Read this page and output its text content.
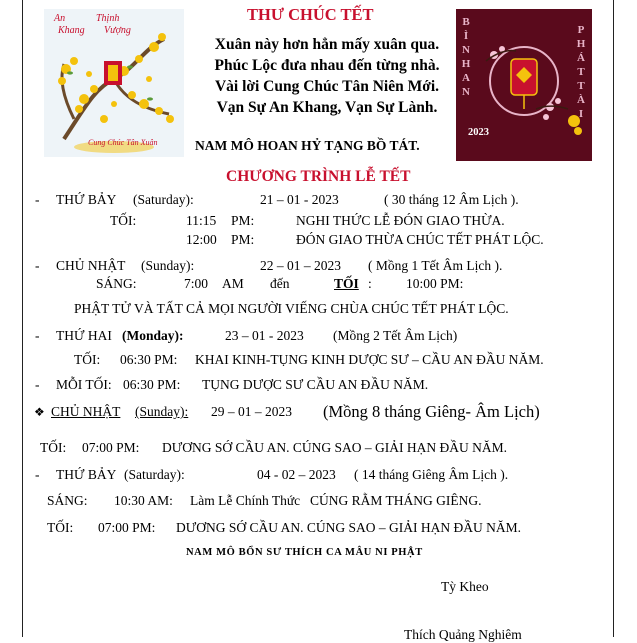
An	Thịnh
Khang Vượng
Cung Chúc Tân Xuân
THƯ CHÚC TẾT
Xuân này hơn hẳn mấy xuân qua.
Phúc Lộc đưa nhau đến từng nhà.
Vài lời Cung Chúc Tân Niên Mới.
Vạn Sự An Khang, Vạn Sự Lành.
NAM MÔ HOAN HỶ TẠNG BỒ TÁT.
BÌNH AN
PHÁT TÀI
2023
CHƯƠNG TRÌNH LỄ TẾT
- THỨ BẢY (Saturday):	21 – 01 - 2023	( 30 tháng 12 Âm Lịch ).
TỐI:	11:15 PM:	NGHI THỨC LỄ ĐÓN GIAO THỪA.
12:00 PM:	ĐÓN GIAO THỪA CHÚC TẾT PHÁT LỘC.
- CHỦ NHẬT (Sunday):	22 – 01 – 2023 ( Mồng 1 Tết Âm Lịch ).
SÁNG:	7:00 AM đến	TỐI :	10:00 PM:
PHẬT TỬ VÀ TẤT CẢ MỌI NGƯỜI VIẾNG CHÙA CHÚC TẾT PHÁT LỘC.
- THỨ HAI (Monday):	23 – 01 - 2023 (Mồng 2 Tết Âm Lịch)
TỐI: 06:30 PM: KHAI KINH-TỤNG KINH DƯỢC SƯ – CẦU AN ĐẦU NĂM.
- MỖI TỐI: 06:30 PM: TỤNG DƯỢC SƯ CẦU AN ĐẦU NĂM.
❖ CHỦ NHẬT (Sunday): 29 – 01 – 2023 (Mồng 8 tháng Giêng- Âm Lịch)
TỐI: 07:00 PM: DƯƠNG SỚ CẦU AN. CÚNG SAO – GIẢI HẠN ĐẦU NĂM.
- THỨ BẢY (Saturday):	04 - 02 – 2023 ( 14 tháng Giêng Âm Lịch ).
SÁNG: 10:30 AM: Làm Lễ Chính Thức CÚNG RẰM THÁNG GIÊNG.
TỐI: 07:00 PM: DƯƠNG SỚ CẦU AN. CÚNG SAO – GIẢI HẠN ĐẦU NĂM.
NAM MÔ BỔN SƯ THÍCH CA MÂU NI PHẬT
Tỳ Kheo
Thích Quảng Nghiêm
